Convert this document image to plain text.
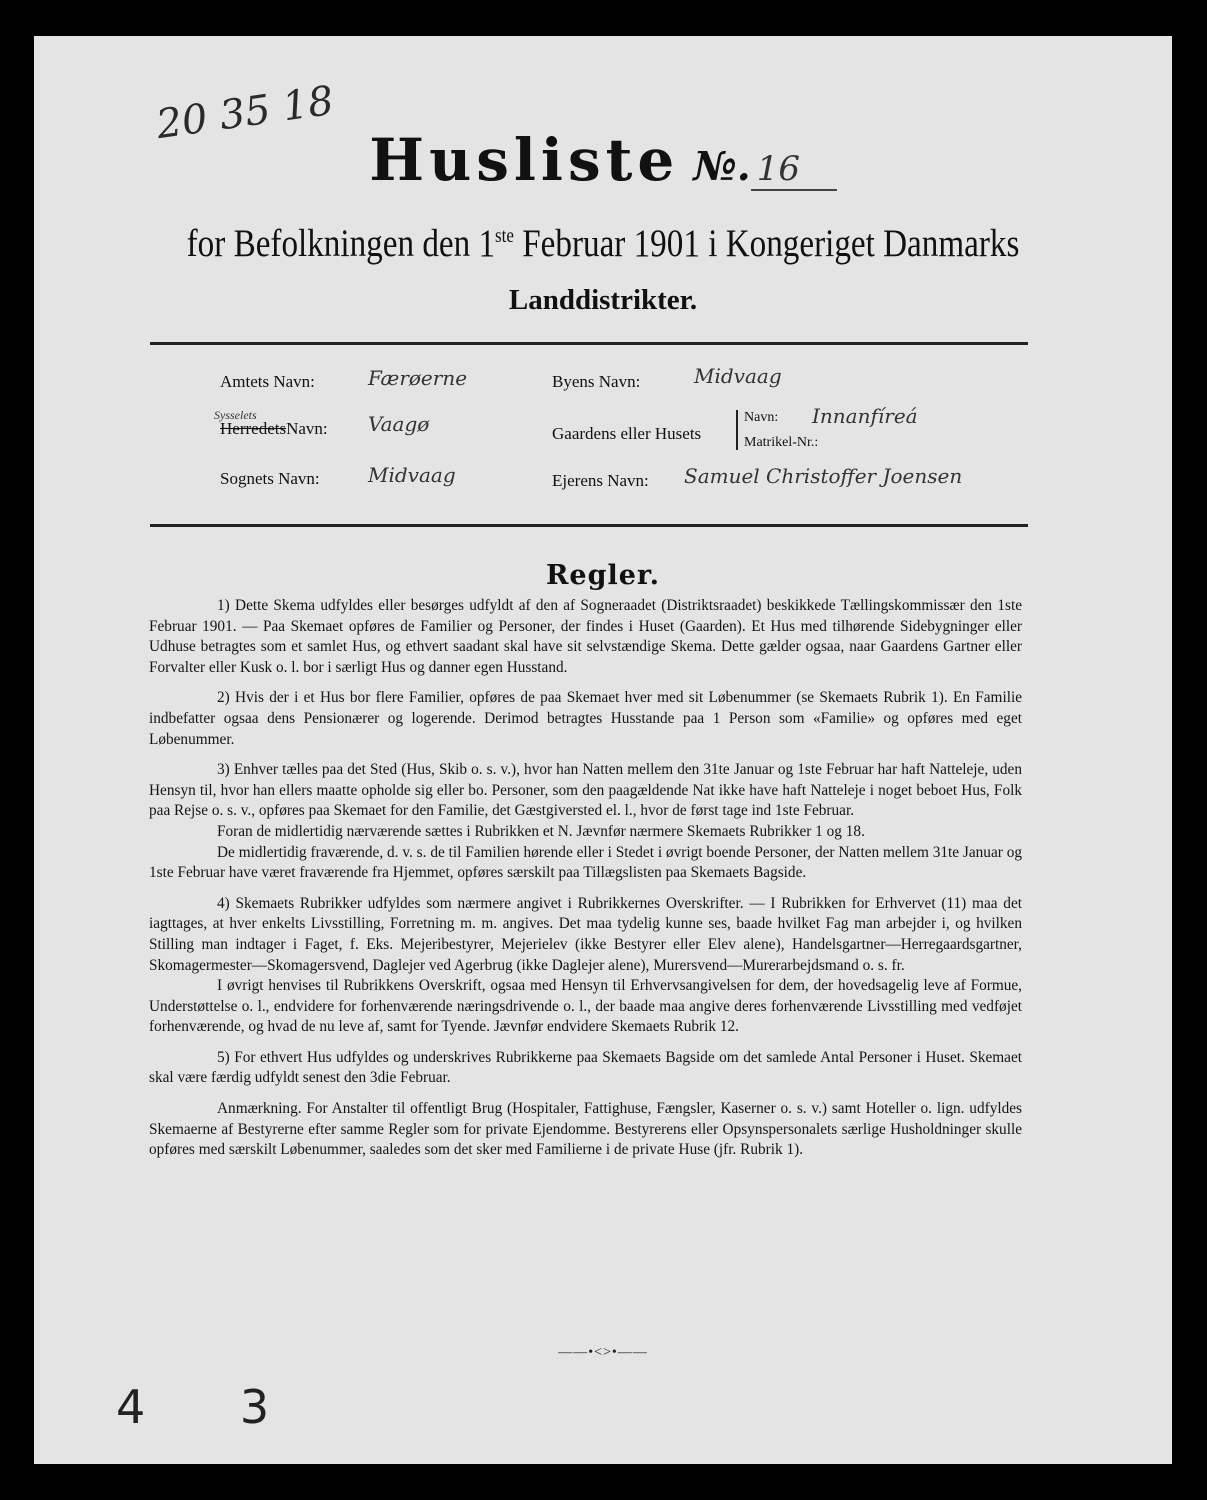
20 35 18
Husliste №. 16
for Befolkningen den 1ste Februar 1901 i Kongeriget Danmarks
Landdistrikter.
Amtets Navn:	Færøerne
Sysselets
HerredetsNavn: Vaagø
Sognets Navn: Midvaag
Byens Navn:	Midvaag
Gaardens eller Husets
Navn: Innanfíreá
Matrikel-Nr.:
Ejerens Navn: Samuel Christoffer Joensen
Regler.

1) Dette Skema udfyldes eller besørges udfyldt af den af Sogneraadet (Distriktsraadet) beskikkede Tællingskommissær den 1ste Februar 1901. — Paa Skemaet opføres de Familier og Personer, der findes i Huset (Gaarden). Et Hus med tilhørende Sidebygninger eller Udhuse betragtes som et samlet Hus, og ethvert saadant skal have sit selvstændige Skema. Dette gælder ogsaa, naar Gaardens Gartner eller Forvalter eller Kusk o. l. bor i særligt Hus og danner egen Husstand.

2) Hvis der i et Hus bor flere Familier, opføres de paa Skemaet hver med sit Løbenummer (se Skemaets Rubrik 1). En Familie indbefatter ogsaa dens Pensionærer og logerende. Derimod betragtes Husstande paa 1 Person som «Familie» og opføres med eget Løbenummer.

3) Enhver tælles paa det Sted (Hus, Skib o. s. v.), hvor han Natten mellem den 31te Januar og 1ste Februar har haft Natteleje, uden Hensyn til, hvor han ellers maatte opholde sig eller bo. Personer, som den paagældende Nat ikke have haft Natteleje i noget beboet Hus, Folk paa Rejse o. s. v., opføres paa Skemaet for den Familie, det Gæstgiversted el. l., hvor de først tage ind 1ste Februar.

Foran de midlertidig nærværende sættes i Rubrikken et N. Jævnfør nærmere Skemaets Rubrikker 1 og 18.

De midlertidig fraværende, d. v. s. de til Familien hørende eller i Stedet i øvrigt boende Personer, der Natten mellem 31te Januar og 1ste Februar have været fraværende fra Hjemmet, opføres særskilt paa Tillægslisten paa Skemaets Bagside.

4) Skemaets Rubrikker udfyldes som nærmere angivet i Rubrikkernes Overskrifter. — I Rubrikken for Erhvervet (11) maa det iagttages, at hver enkelts Livsstilling, Forretning m. m. angives. Det maa tydelig kunne ses, baade hvilket Fag man arbejder i, og hvilken Stilling man indtager i Faget, f. Eks. Mejeribestyrer, Mejerielev (ikke Bestyrer eller Elev alene), Handelsgartner—Herregaardsgartner, Skomagermester—Skomagersvend, Daglejer ved Agerbrug (ikke Daglejer alene), Murersvend—Murerarbejdsmand o. s. fr.

I øvrigt henvises til Rubrikkens Overskrift, ogsaa med Hensyn til Erhvervsangivelsen for dem, der hovedsagelig leve af Formue, Understøttelse o. l., endvidere for forhenværende næringsdrivende o. l., der baade maa angive deres forhenværende Livsstilling med vedføjet forhenværende, og hvad de nu leve af, samt for Tyende. Jævnfør endvidere Skemaets Rubrik 12.

5) For ethvert Hus udfyldes og underskrives Rubrikkerne paa Skemaets Bagside om det samlede Antal Personer i Huset. Skemaet skal være færdig udfyldt senest den 3die Februar.

Anmærkning. For Anstalter til offentligt Brug (Hospitaler, Fattighuse, Fængsler, Kaserner o. s. v.) samt Hoteller o. lign. udfyldes Skemaerne af Bestyrerne efter samme Regler som for private Ejendomme. Bestyrerens eller Opsynspersonalets særlige Husholdninger skulle opføres med særskilt Løbenummer, saaledes som det sker med Familierne i de private Huse (jfr. Rubrik 1).

——•<>•——
4 3
